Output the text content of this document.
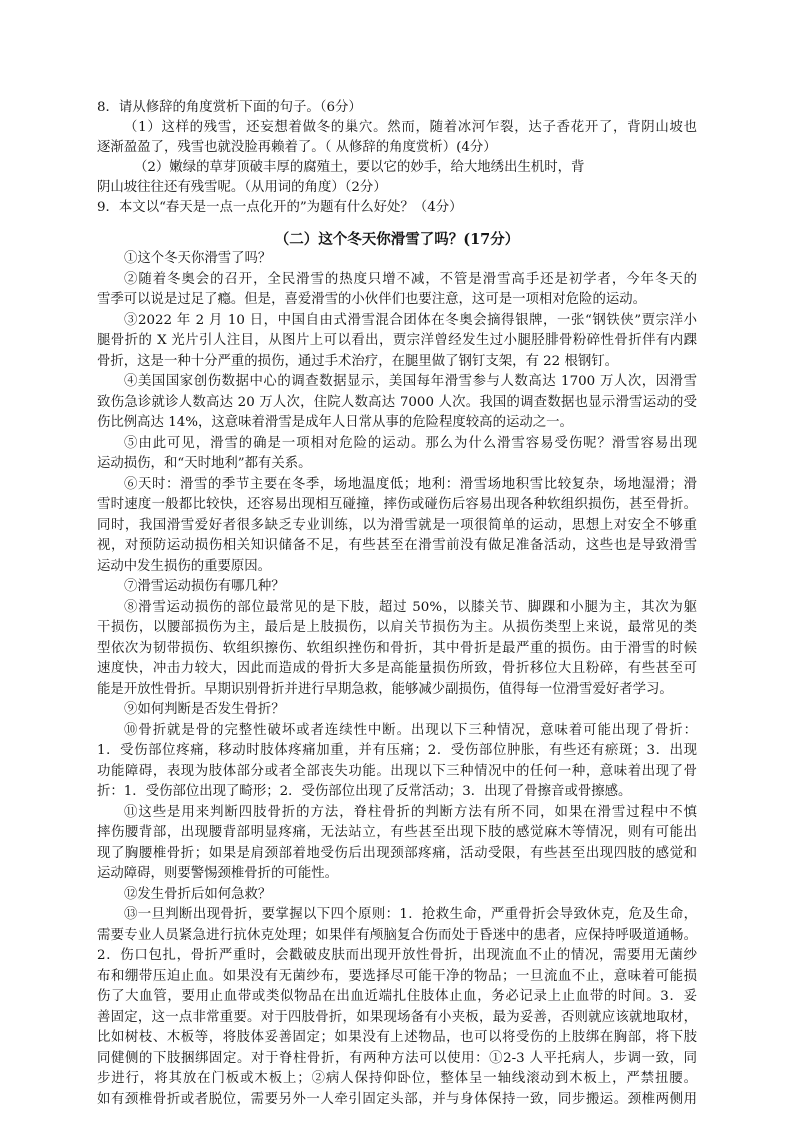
8．请从修辞的角度赏析下面的句子。（6分）
（1）这样的残雪，还妄想着做冬的巢穴。然而，随着冰河乍裂，达子香花开了，背阴山坡也
逐渐盈盈了，残雪也就没脸再赖着了。（ 从修辞的角度赏析）(4分）
（2）嫩绿的草芽顶破丰厚的腐殖土，要以它的妙手，给大地绣出生机时，背
阴山坡往往还有残雪呢。（从用词的角度）（2分）
9．本文以“春天是一点一点化开的”为题有什么好处？（4分）
（二）这个冬天你滑雪了吗？(17分）
①这个冬天你滑雪了吗？
②随着冬奥会的召开，全民滑雪的热度只增不减，不管是滑雪高手还是初学者，今年冬天的
雪季可以说是过足了瘾。但是，喜爱滑雪的小伙伴们也要注意，这可是一项相对危险的运动。
③2022 年 2 月 10 日，中国自由式滑雪混合团体在冬奥会摘得银牌，一张“钢铁侠”贾宗洋小
腿骨折的 X 光片引人注目，从图片上可以看出，贾宗洋曾经发生过小腿胫腓骨粉碎性骨折伴有内踝
骨折，这是一种十分严重的损伤，通过手术治疗，在腿里做了钢钉支架，有 22 根钢钉。
④美国国家创伤数据中心的调查数据显示，美国每年滑雪参与人数高达 1700 万人次，因滑雪
致伤急诊就诊人数高达 20 万人次，住院人数高达 7000 人次。我国的调查数据也显示滑雪运动的受
伤比例高达 14%，这意味着滑雪是成年人日常从事的危险程度较高的运动之一。
⑤由此可见，滑雪的确是一项相对危险的运动。那么为什么滑雪容易受伤呢？滑雪容易出现
运动损伤，和“天时地利”都有关系。
⑥天时：滑雪的季节主要在冬季，场地温度低；地利：滑雪场地积雪比较复杂，场地湿滑；滑
雪时速度一般都比较快，还容易出现相互碰撞，摔伤或碰伤后容易出现各种软组织损伤，甚至骨折。
同时，我国滑雪爱好者很多缺乏专业训练，以为滑雪就是一项很简单的运动，思想上对安全不够重
视，对预防运动损伤相关知识储备不足，有些甚至在滑雪前没有做足准备活动，这些也是导致滑雪
运动中发生损伤的重要原因。
⑦滑雪运动损伤有哪几种？
⑧滑雪运动损伤的部位最常见的是下肢，超过 50%，以膝关节、脚踝和小腿为主，其次为躯
干损伤，以腰部损伤为主，最后是上肢损伤，以肩关节损伤为主。从损伤类型上来说，最常见的类
型依次为韧带损伤、软组织擦伤、软组织挫伤和骨折，其中骨折是最严重的损伤。由于滑雪的时候
速度快，冲击力较大，因此而造成的骨折大多是高能量损伤所致，骨折移位大且粉碎，有些甚至可
能是开放性骨折。早期识别骨折并进行早期急救，能够减少副损伤，值得每一位滑雪爱好者学习。
⑨如何判断是否发生骨折？
⑩骨折就是骨的完整性破坏或者连续性中断。出现以下三种情况，意味着可能出现了骨折：
1．受伤部位疼痛，移动时肢体疼痛加重，并有压痛；2．受伤部位肿胀，有些还有瘀斑；3．出现
功能障碍，表现为肢体部分或者全部丧失功能。出现以下三种情况中的任何一种，意味着出现了骨
折：1．受伤部位出现了畸形；2．受伤部位出现了反常活动；3．出现了骨擦音或骨擦感。
⑪这些是用来判断四肢骨折的方法，脊柱骨折的判断方法有所不同，如果在滑雪过程中不慎
摔伤腰背部，出现腰背部明显疼痛，无法站立，有些甚至出现下肢的感觉麻木等情况，则有可能出
现了胸腰椎骨折；如果是肩颈部着地受伤后出现颈部疼痛，活动受限，有些甚至出现四肢的感觉和
运动障碍，则要警惕颈椎骨折的可能性。
⑫发生骨折后如何急救？
⑬一旦判断出现骨折，要掌握以下四个原则：1．抢救生命，严重骨折会导致休克，危及生命，
需要专业人员紧急进行抗休克处理；如果伴有颅脑复合伤而处于昏迷中的患者，应保持呼吸道通畅。
2．伤口包扎，骨折严重时，会戳破皮肤而出现开放性骨折，出现流血不止的情况，需要用无菌纱
布和绷带压迫止血。如果没有无菌纱布，要选择尽可能干净的物品；一旦流血不止，意味着可能损
伤了大血管，要用止血带或类似物品在出血近端扎住肢体止血，务必记录上止血带的时间。3．妥
善固定，这一点非常重要。对于四肢骨折，如果现场备有小夹板，最为妥善，否则就应该就地取材，
比如树枝、木板等，将肢体妥善固定；如果没有上述物品，也可以将受伤的上肢绑在胸部，将下肢
同健侧的下肢捆绑固定。对于脊柱骨折，有两种方法可以使用：①2-3 人平托病人，步调一致，同
步进行，将其放在门板或木板上；②病人保持仰卧位，整体呈一轴线滚动到木板上，严禁扭腰。
如有颈椎骨折或者脱位，需要另外一人牵引固定头部，并与身体保持一致，同步搬运。颈椎两侧用
